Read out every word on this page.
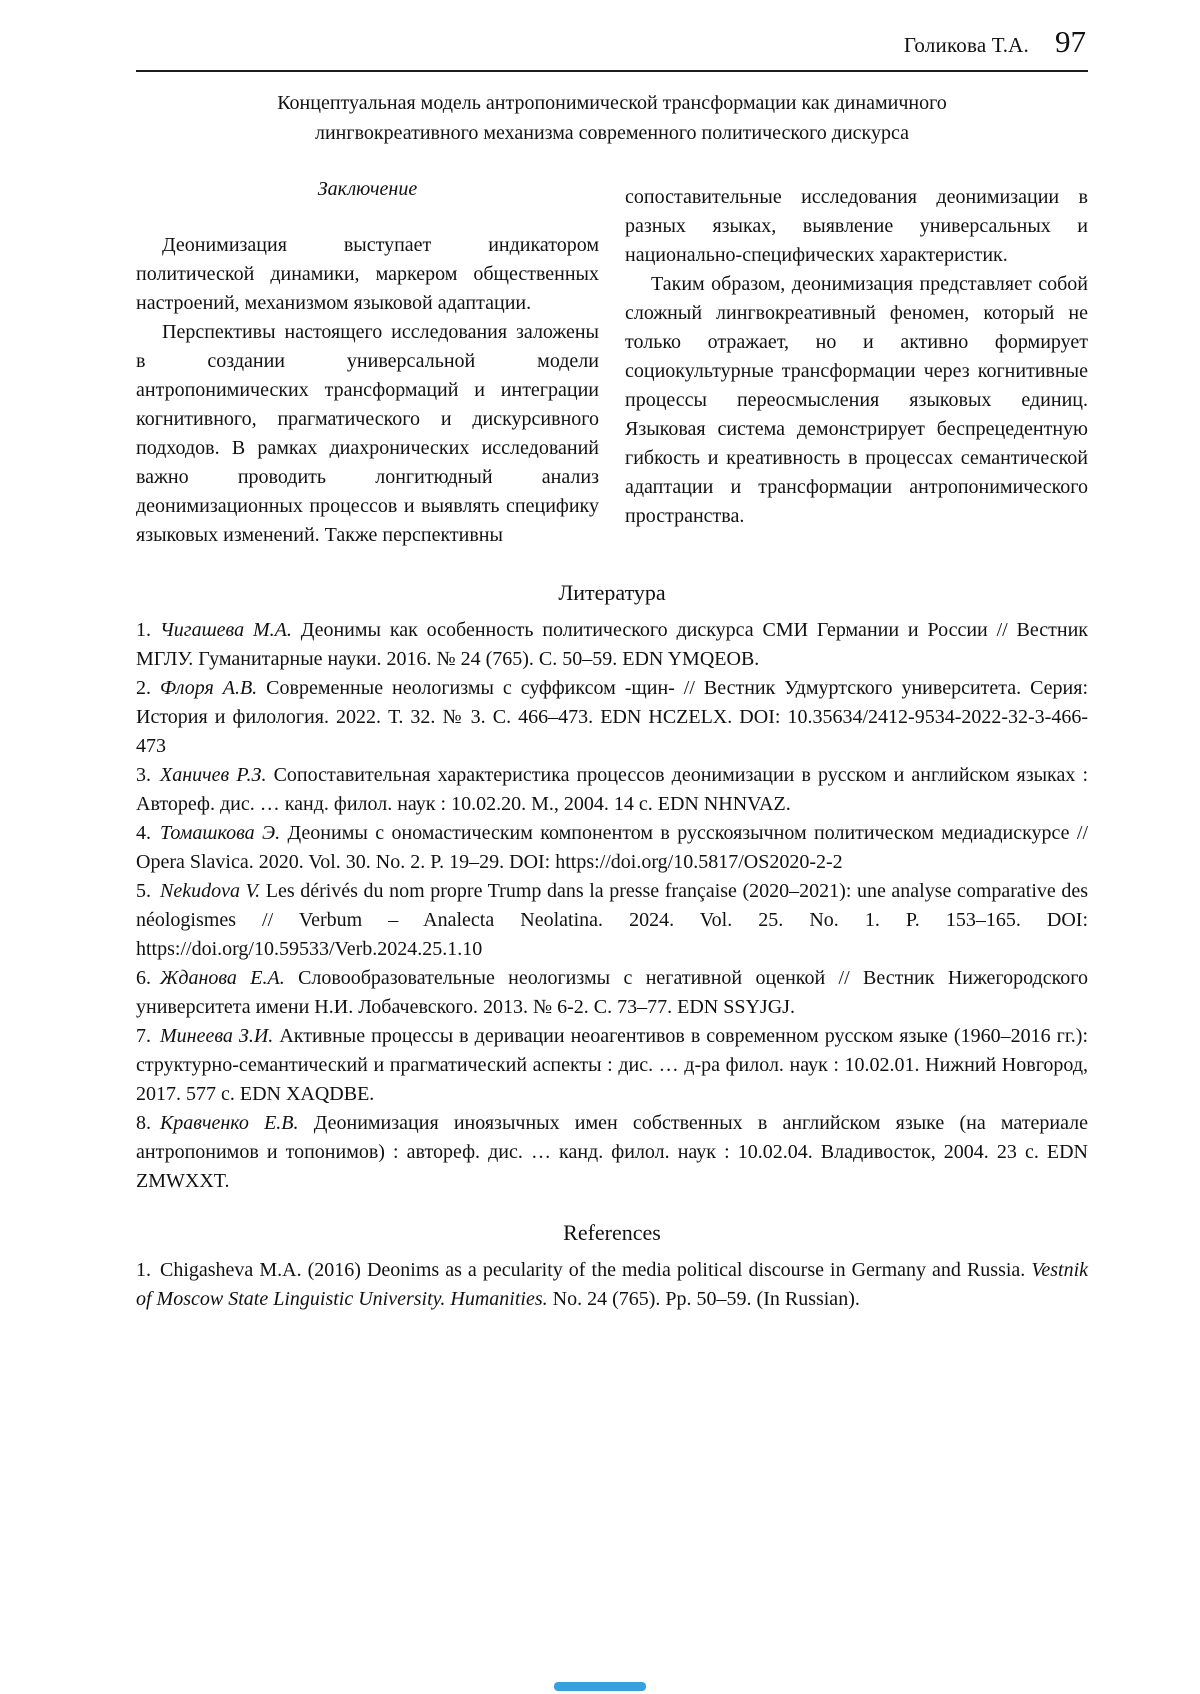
Голикова Т.А. 97
Концептуальная модель антропонимической трансформации как динамичного
лингвокреативного механизма современного политического дискурса
Заключение

Деонимизация выступает индикатором политической динамики, маркером общественных настроений, механизмом языковой адаптации.

Перспективы настоящего исследования заложены в создании универсальной модели антропонимических трансформаций и интеграции когнитивного, прагматического и дискурсивного подходов. В рамках диахронических исследований важно проводить лонгитюдный анализ деонимизационных процессов и выявлять специфику языковых изменений. Также перспективны

сопоставительные исследования деонимизации в разных языках, выявление универсальных и национально-специфических характеристик.

Таким образом, деонимизация представляет собой сложный лингвокреативный феномен, который не только отражает, но и активно формирует социокультурные трансформации через когнитивные процессы переосмысления языковых единиц. Языковая система демонстрирует беспрецедентную гибкость и креативность в процессах семантической адаптации и трансформации антропонимического пространства.

Литература

1. Чигашева М.А. Деонимы как особенность политического дискурса СМИ Германии и России // Вестник МГЛУ. Гуманитарные науки. 2016. № 24 (765). С. 50–59. EDN YMQEOB.

2. Флоря А.В. Современные неологизмы с суффиксом -щин- // Вестник Удмуртского университета. Серия: История и филология. 2022. Т. 32. № 3. С. 466–473. EDN HCZELX. DOI: 10.35634/2412-9534-2022-32-3-466-473

3. Ханичев Р.З. Сопоставительная характеристика процессов деонимизации в русском и английском языках : Автореф. дис. … канд. филол. наук : 10.02.20. М., 2004. 14 с. EDN NHNVAZ.

4. Томашкова Э. Деонимы с ономастическим компонентом в русскоязычном политическом медиадискурсе // Opera Slavica. 2020. Vol. 30. No. 2. P. 19–29. DOI: https://doi.org/10.5817/OS2020-2-2

5. Nekudova V. Les dérivés du nom propre Trump dans la presse française (2020–2021): une analyse comparative des néologismes // Verbum – Analecta Neolatina. 2024. Vol. 25. No. 1. P. 153–165. DOI: https://doi.org/10.59533/Verb.2024.25.1.10

6. Жданова Е.А. Словообразовательные неологизмы с негативной оценкой // Вестник Нижегородского университета имени Н.И. Лобачевского. 2013. № 6-2. С. 73–77. EDN SSYJGJ.

7. Минеева З.И. Активные процессы в деривации неоагентивов в современном русском языке (1960–2016 гг.): структурно-семантический и прагматический аспекты : дис. … д-ра филол. наук : 10.02.01. Нижний Новгород, 2017. 577 с. EDN XAQDBE.

8. Кравченко Е.В. Деонимизация иноязычных имен собственных в английском языке (на материале антропонимов и топонимов) : автореф. дис. … канд. филол. наук : 10.02.04. Владивосток, 2004. 23 с. EDN ZMWXXT.

References

1. Chigasheva M.A. (2016) Deonims as a pecularity of the media political discourse in Germany and Russia. Vestnik of Moscow State Linguistic University. Humanities. No. 24 (765). Pp. 50–59. (In Russian).
